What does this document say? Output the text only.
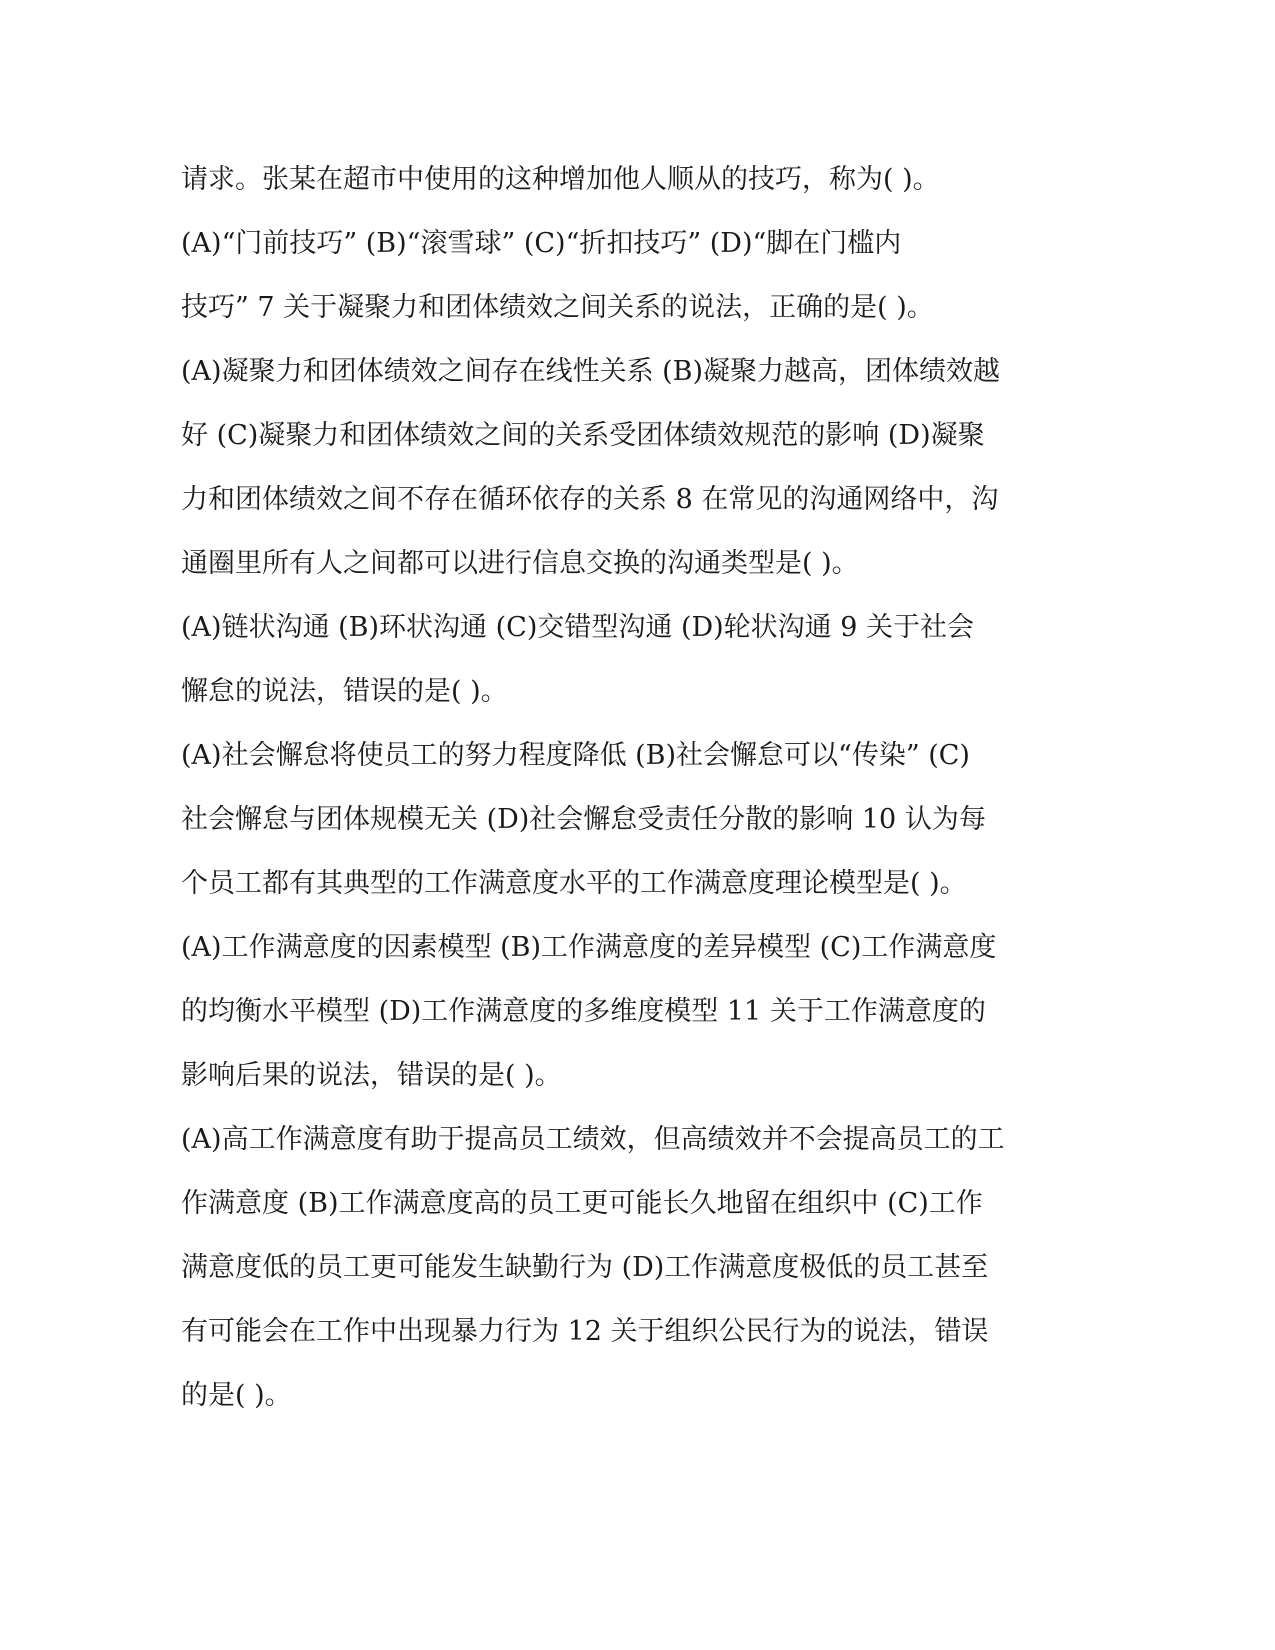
请求。张某在超市中使用的这种增加他人顺从的技巧，称为( )。
(A)“门前技巧” (B)“滚雪球” (C)“折扣技巧” (D)“脚在门槛内
技巧” 7 关于凝聚力和团体绩效之间关系的说法，正确的是( )。
(A)凝聚力和团体绩效之间存在线性关系 (B)凝聚力越高，团体绩效越
好 (C)凝聚力和团体绩效之间的关系受团体绩效规范的影响 (D)凝聚
力和团体绩效之间不存在循环依存的关系 8 在常见的沟通网络中，沟
通圈里所有人之间都可以进行信息交换的沟通类型是( )。
(A)链状沟通 (B)环状沟通 (C)交错型沟通 (D)轮状沟通 9 关于社会
懈怠的说法，错误的是( )。
(A)社会懈怠将使员工的努力程度降低 (B)社会懈怠可以“传染” (C)
社会懈怠与团体规模无关 (D)社会懈怠受责任分散的影响 10 认为每
个员工都有其典型的工作满意度水平的工作满意度理论模型是( )。
(A)工作满意度的因素模型 (B)工作满意度的差异模型 (C)工作满意度
的均衡水平模型 (D)工作满意度的多维度模型 11 关于工作满意度的
影响后果的说法，错误的是( )。
(A)高工作满意度有助于提高员工绩效，但高绩效并不会提高员工的工
作满意度 (B)工作满意度高的员工更可能长久地留在组织中 (C)工作
满意度低的员工更可能发生缺勤行为 (D)工作满意度极低的员工甚至
有可能会在工作中出现暴力行为 12 关于组织公民行为的说法，错误
的是( )。
